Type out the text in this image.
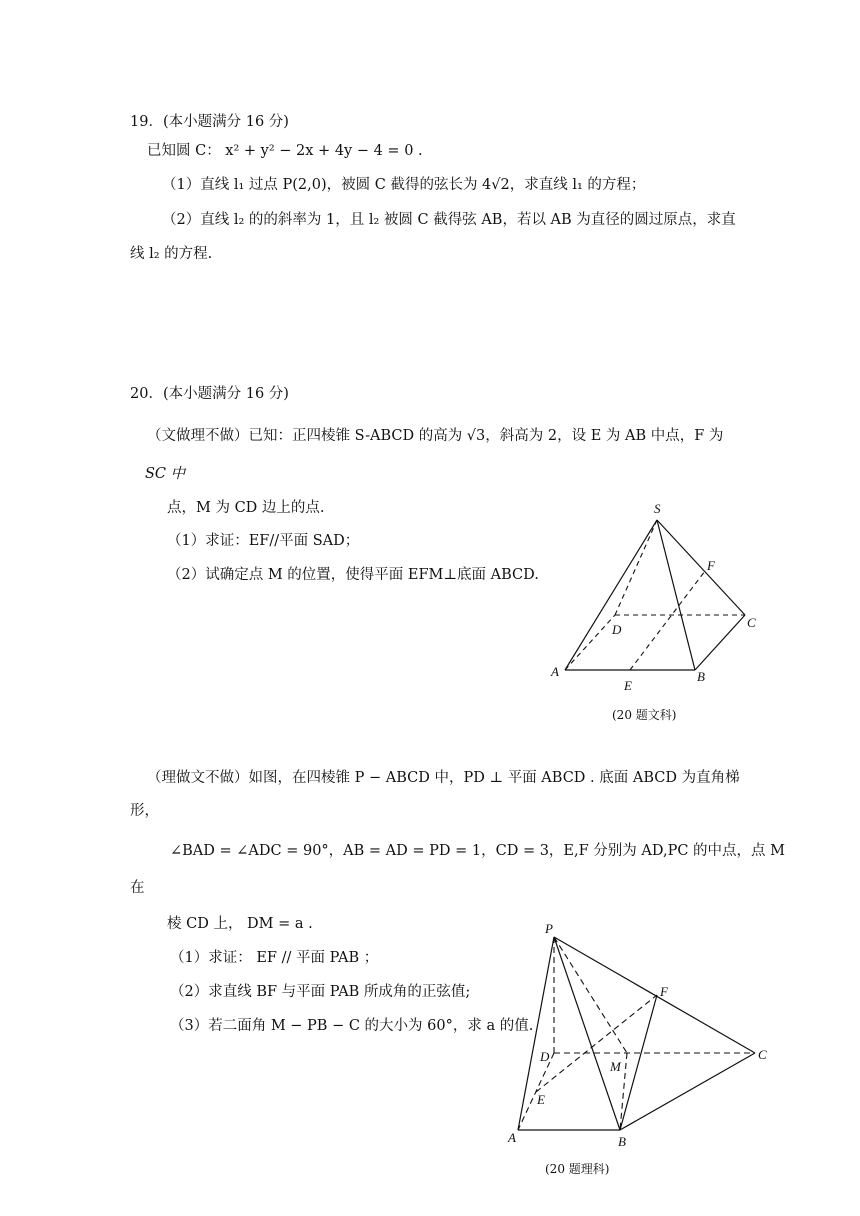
19．(本小题满分 16 分)
已知圆 C： x² + y² − 2x + 4y − 4 = 0 .
（1）直线 l₁ 过点 P(2,0)，被圆 C 截得的弦长为 4√2，求直线 l₁ 的方程；
（2）直线 l₂ 的的斜率为 1，且 l₂ 被圆 C 截得弦 AB，若以 AB 为直径的圆过原点，求直
线 l₂ 的方程.
20．(本小题满分 16 分)
（文做理不做）已知：正四棱锥 S-ABCD 的高为 √3，斜高为 2，设 E 为 AB 中点，F 为
SC 中
点，M 为 CD 边上的点.
（1）求证：EF//平面 SAD；
（2）试确定点 M 的位置，使得平面 EFM⊥底面 ABCD.
S
F
C
D
A
E
B
(20 题文科)
（理做文不做）如图，在四棱锥 P − ABCD 中，PD ⊥ 平面 ABCD . 底面 ABCD 为直角梯
形，
∠BAD = ∠ADC = 90°，AB = AD = PD = 1，CD = 3，E,F 分别为 AD,PC 的中点，点 M
在
棱 CD 上， DM = a .
（1）求证： EF // 平面 PAB ；
（2）求直线 BF 与平面 PAB 所成角的正弦值;
（3）若二面角 M − PB − C 的大小为 60°，求 a 的值.
P
F
C
D
M
E
A	B
(20 题理科)
